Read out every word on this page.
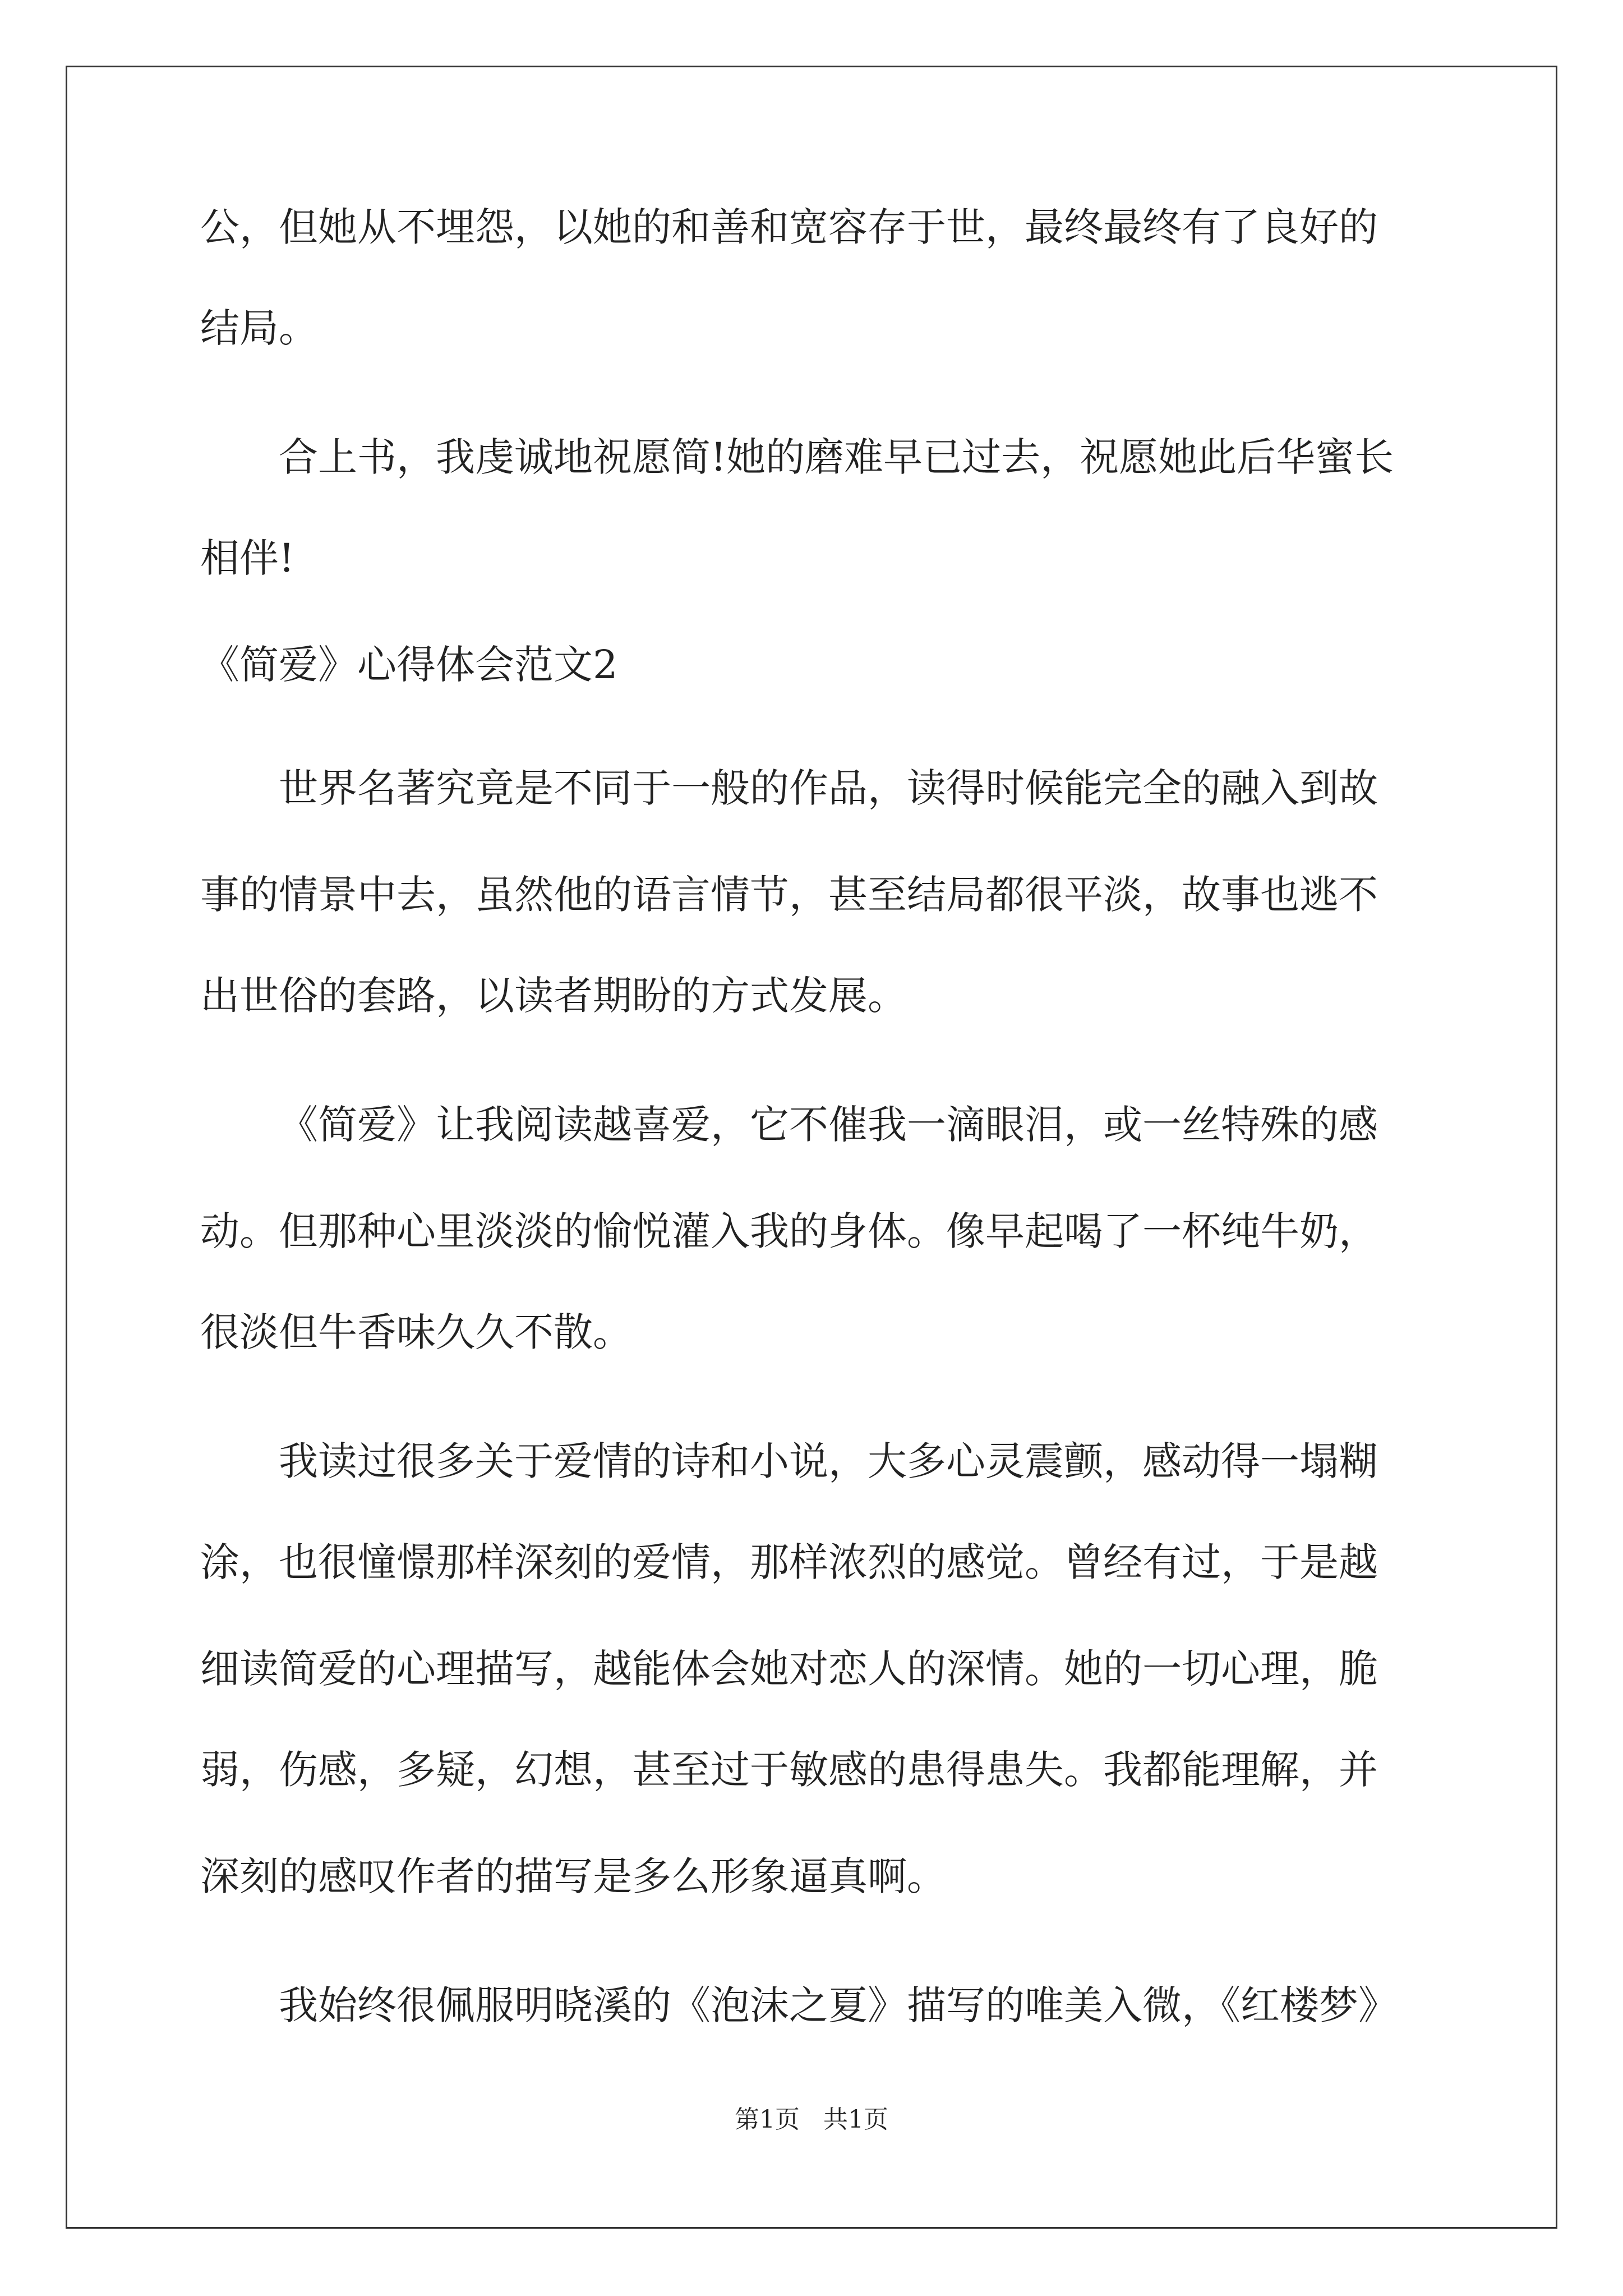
公，但她从不埋怨，以她的和善和宽容存于世，最终最终有了良好的
结局。
合上书，我虔诚地祝愿简!她的磨难早已过去，祝愿她此后华蜜长
相伴!
《简爱》心得体会范文2
世界名著究竟是不同于一般的作品，读得时候能完全的融入到故
事的情景中去，虽然他的语言情节，甚至结局都很平淡，故事也逃不
出世俗的套路，以读者期盼的方式发展。
《简爱》让我阅读越喜爱，它不催我一滴眼泪，或一丝特殊的感
动。但那种心里淡淡的愉悦灌入我的身体。像早起喝了一杯纯牛奶，
很淡但牛香味久久不散。
我读过很多关于爱情的诗和小说，大多心灵震颤，感动得一塌糊
涂，也很憧憬那样深刻的爱情，那样浓烈的感觉。曾经有过，于是越
细读简爱的心理描写，越能体会她对恋人的深情。她的一切心理，脆
弱，伤感，多疑，幻想，甚至过于敏感的患得患失。我都能理解，并
深刻的感叹作者的描写是多么形象逼真啊。
我始终很佩服明晓溪的《泡沫之夏》描写的唯美入微，《红楼梦》
第1页   共1页
